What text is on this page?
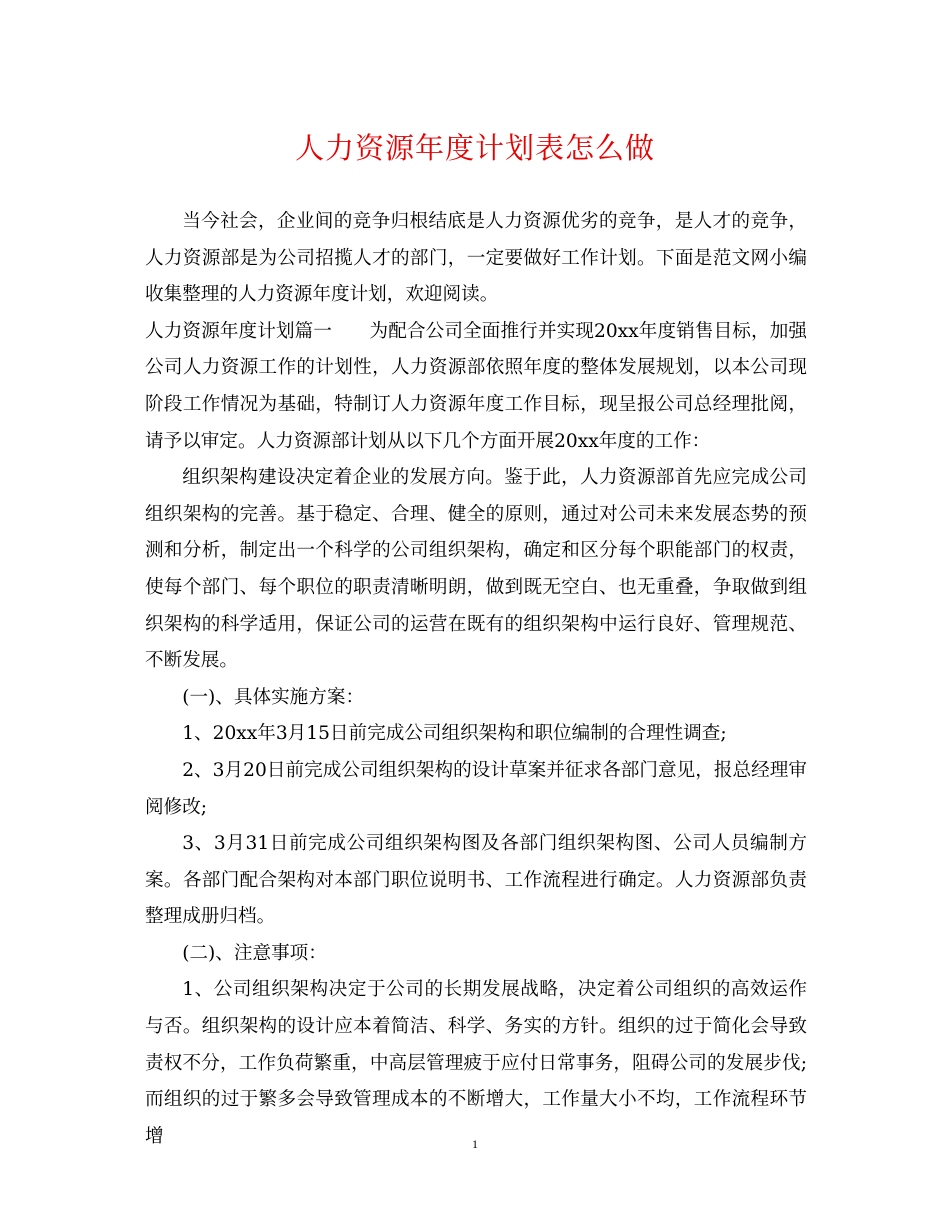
人力资源年度计划表怎么做

当今社会，企业间的竞争归根结底是人力资源优劣的竞争，是人才的竞争，人力资源部是为公司招揽人才的部门，一定要做好工作计划。下面是范文网小编收集整理的人力资源年度计划，欢迎阅读。

人力资源年度计划篇一　　为配合公司全面推行并实现20xx年度销售目标，加强公司人力资源工作的计划性，人力资源部依照年度的整体发展规划，以本公司现阶段工作情况为基础，特制订人力资源年度工作目标，现呈报公司总经理批阅，请予以审定。人力资源部计划从以下几个方面开展20xx年度的工作：

组织架构建设决定着企业的发展方向。鉴于此，人力资源部首先应完成公司组织架构的完善。基于稳定、合理、健全的原则，通过对公司未来发展态势的预测和分析，制定出一个科学的公司组织架构，确定和区分每个职能部门的权责，使每个部门、每个职位的职责清晰明朗，做到既无空白、也无重叠，争取做到组织架构的科学适用，保证公司的运营在既有的组织架构中运行良好、管理规范、不断发展。

(一)、具体实施方案：

1、20xx年3月15日前完成公司组织架构和职位编制的合理性调查;

2、3月20日前完成公司组织架构的设计草案并征求各部门意见，报总经理审阅修改;

3、3月31日前完成公司组织架构图及各部门组织架构图、公司人员编制方案。各部门配合架构对本部门职位说明书、工作流程进行确定。人力资源部负责整理成册归档。

(二)、注意事项：

1、公司组织架构决定于公司的长期发展战略，决定着公司组织的高效运作与否。组织架构的设计应本着简洁、科学、务实的方针。组织的过于简化会导致责权不分，工作负荷繁重，中高层管理疲于应付日常事务，阻碍公司的发展步伐;而组织的过于繁多会导致管理成本的不断增大，工作量大小不均，工作流程环节增	1
